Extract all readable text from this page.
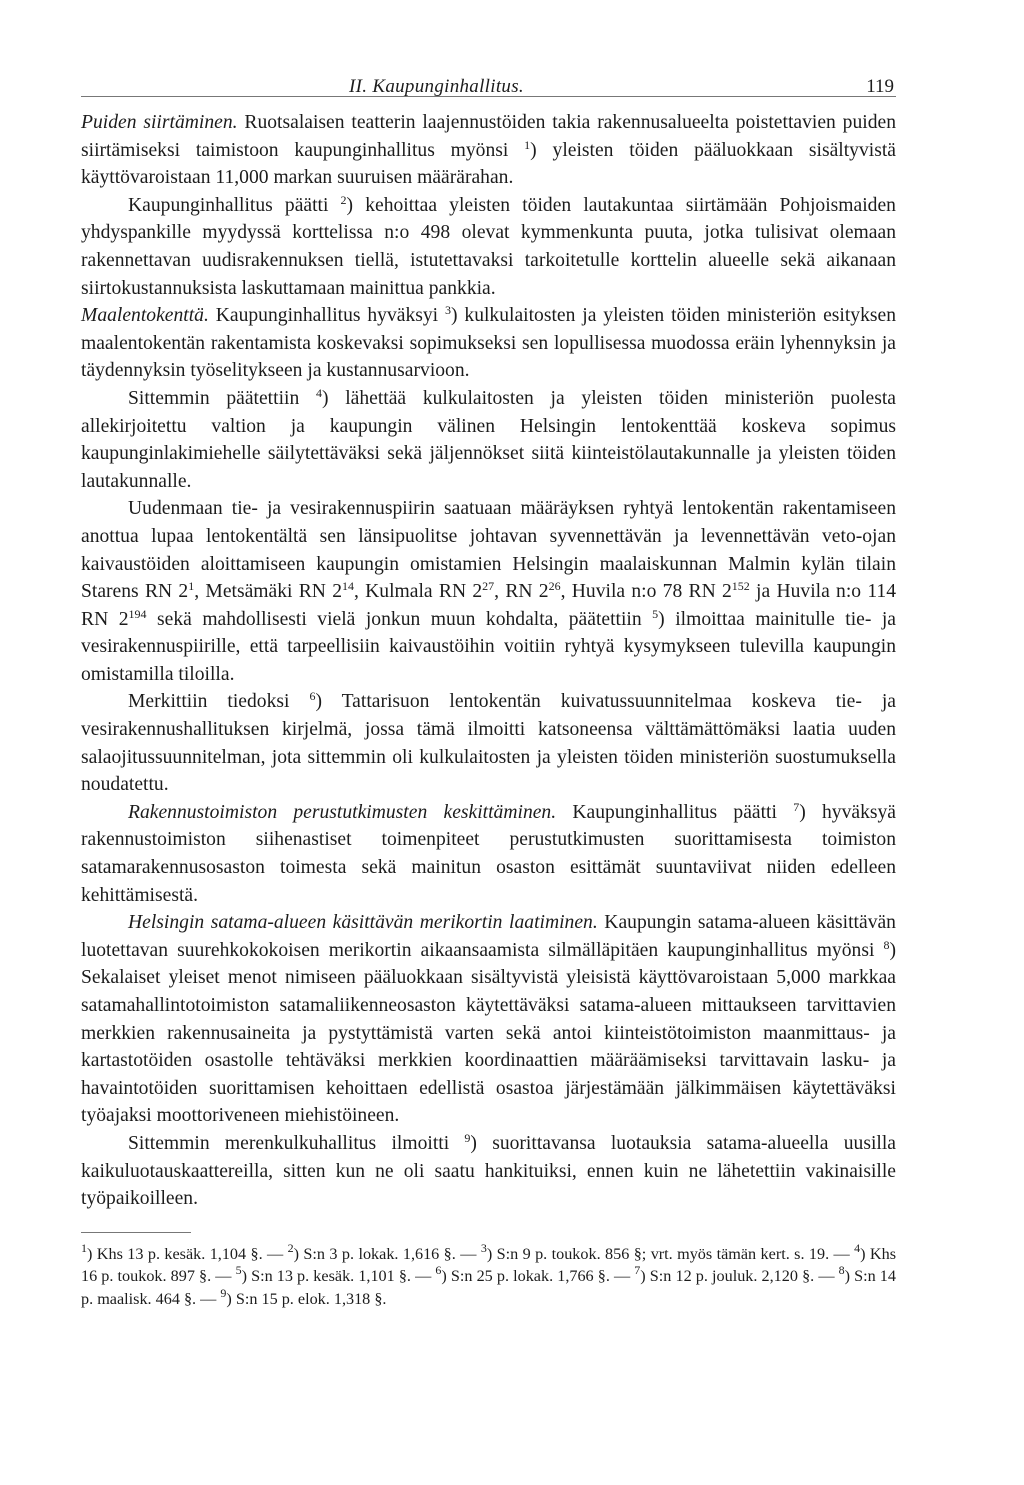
II. Kaupunginhallitus.	119

Puiden siirtäminen. Ruotsalaisen teatterin laajennustöiden takia rakennusalueelta poistettavien puiden siirtämiseksi taimistoon kaupunginhallitus myönsi $^1$) yleisten töiden pääluokkaan sisältyvistä käyttövaroistaan 11,000 markan suuruisen määrärahan.

Kaupunginhallitus päätti $^2$) kehoittaa yleisten töiden lautakuntaa siirtämään Pohjoismaiden yhdyspankille myydyssä korttelissa n:o 498 olevat kymmenkunta puuta, jotka tulisivat olemaan rakennettavan uudisrakennuksen tiellä, istutettavaksi tarkoitetulle korttelin alueelle sekä aikanaan siirtokustannuksista laskuttamaan mainittua pankkia.

Maalentokenttä. Kaupunginhallitus hyväksyi $^3$) kulkulaitosten ja yleisten töiden ministeriön esityksen maalentokentän rakentamista koskevaksi sopimukseksi sen lopullisessa muodossa eräin lyhennyksin ja täydennyksin työselitykseen ja kustannusarvioon.

Sittemmin päätettiin $^4$) lähettää kulkulaitosten ja yleisten töiden ministeriön puolesta allekirjoitettu valtion ja kaupungin välinen Helsingin lentokenttää koskeva sopimus kaupunginlakimiehelle säilytettäväksi sekä jäljennökset siitä kiinteistölautakunnalle ja yleisten töiden lautakunnalle.

Uudenmaan tie- ja vesirakennuspiirin saatuaan määräyksen ryhtyä lentokentän rakentamiseen anottua lupaa lentokentältä sen länsipuolitse johtavan syvennettävän ja levennettävän veto-ojan kaivaustöiden aloittamiseen kaupungin omistamien Helsingin maalaiskunnan Malmin kylän tilain Starens RN $2^1$, Metsämäki RN $2^{14}$, Kulmala RN $2^{27}$, RN $2^{26}$, Huvila n:o 78 RN $2^{152}$ ja Huvila n:o 114 RN $2^{194}$ sekä mahdollisesti vielä jonkun muun kohdalta, päätettiin $^5$) ilmoittaa mainitulle tie- ja vesirakennuspiirille, että tarpeellisiin kaivaustöihin voitiin ryhtyä kysymykseen tulevilla kaupungin omistamilla tiloilla.

Merkittiin tiedoksi $^6$) Tattarisuon lentokentän kuivatussuunnitelmaa koskeva tie- ja vesirakennushallituksen kirjelmä, jossa tämä ilmoitti katsoneensa välttämättömäksi laatia uuden salaojitussuunnitelman, jota sittemmin oli kulkulaitosten ja yleisten töiden ministeriön suostumuksella noudatettu.

Rakennustoimiston perustutkimusten keskittäminen. Kaupunginhallitus päätti $^7$) hyväksyä rakennustoimiston siihenastiset toimenpiteet perustutkimusten suorittamisesta toimiston satamarakennusosaston toimesta sekä mainitun osaston esittämät suuntaviivat niiden edelleen kehittämisestä.

Helsingin satama-alueen käsittävän merikortin laatiminen. Kaupungin satama-alueen käsittävän luotettavan suurehkokokoisen merikortin aikaansaamista silmälläpitäen kaupunginhallitus myönsi $^8$) Sekalaiset yleiset menot nimiseen pääluokkaan sisältyvistä yleisistä käyttövaroistaan 5,000 markkaa satamahallintotoimiston satamaliikenneosaston käytettäväksi satama-alueen mittaukseen tarvittavien merkkien rakennusaineita ja pystyttämistä varten sekä antoi kiinteistötoimiston maanmittaus- ja kartastotöiden osastolle tehtäväksi merkkien koordinaattien määräämiseksi tarvittavain lasku- ja havaintotöiden suorittamisen kehoittaen edellistä osastoa järjestämään jälkimmäisen käytettäväksi työajaksi moottoriveneen miehistöineen.

Sittemmin merenkulkuhallitus ilmoitti $^9$) suorittavansa luotauksia satama-alueella uusilla kaikuluotauskaattereilla, sitten kun ne oli saatu hankituiksi, ennen kuin ne lähetettiin vakinaisille työpaikoilleen.

$^1$) Khs 13 p. kesäk. 1,104 §. — $^2$) S:n 3 p. lokak. 1,616 §. — $^3$) S:n 9 p. toukok. 856 §; vrt. myös tämän kert. s. 19. — $^4$) Khs 16 p. toukok. 897 §. — $^5$) S:n 13 p. kesäk. 1,101 §. — $^6$) S:n 25 p. lokak. 1,766 §. — $^7$) S:n 12 p. jouluk. 2,120 §. — $^8$) S:n 14 p. maalisk. 464 §. — $^9$) S:n 15 p. elok. 1,318 §.
